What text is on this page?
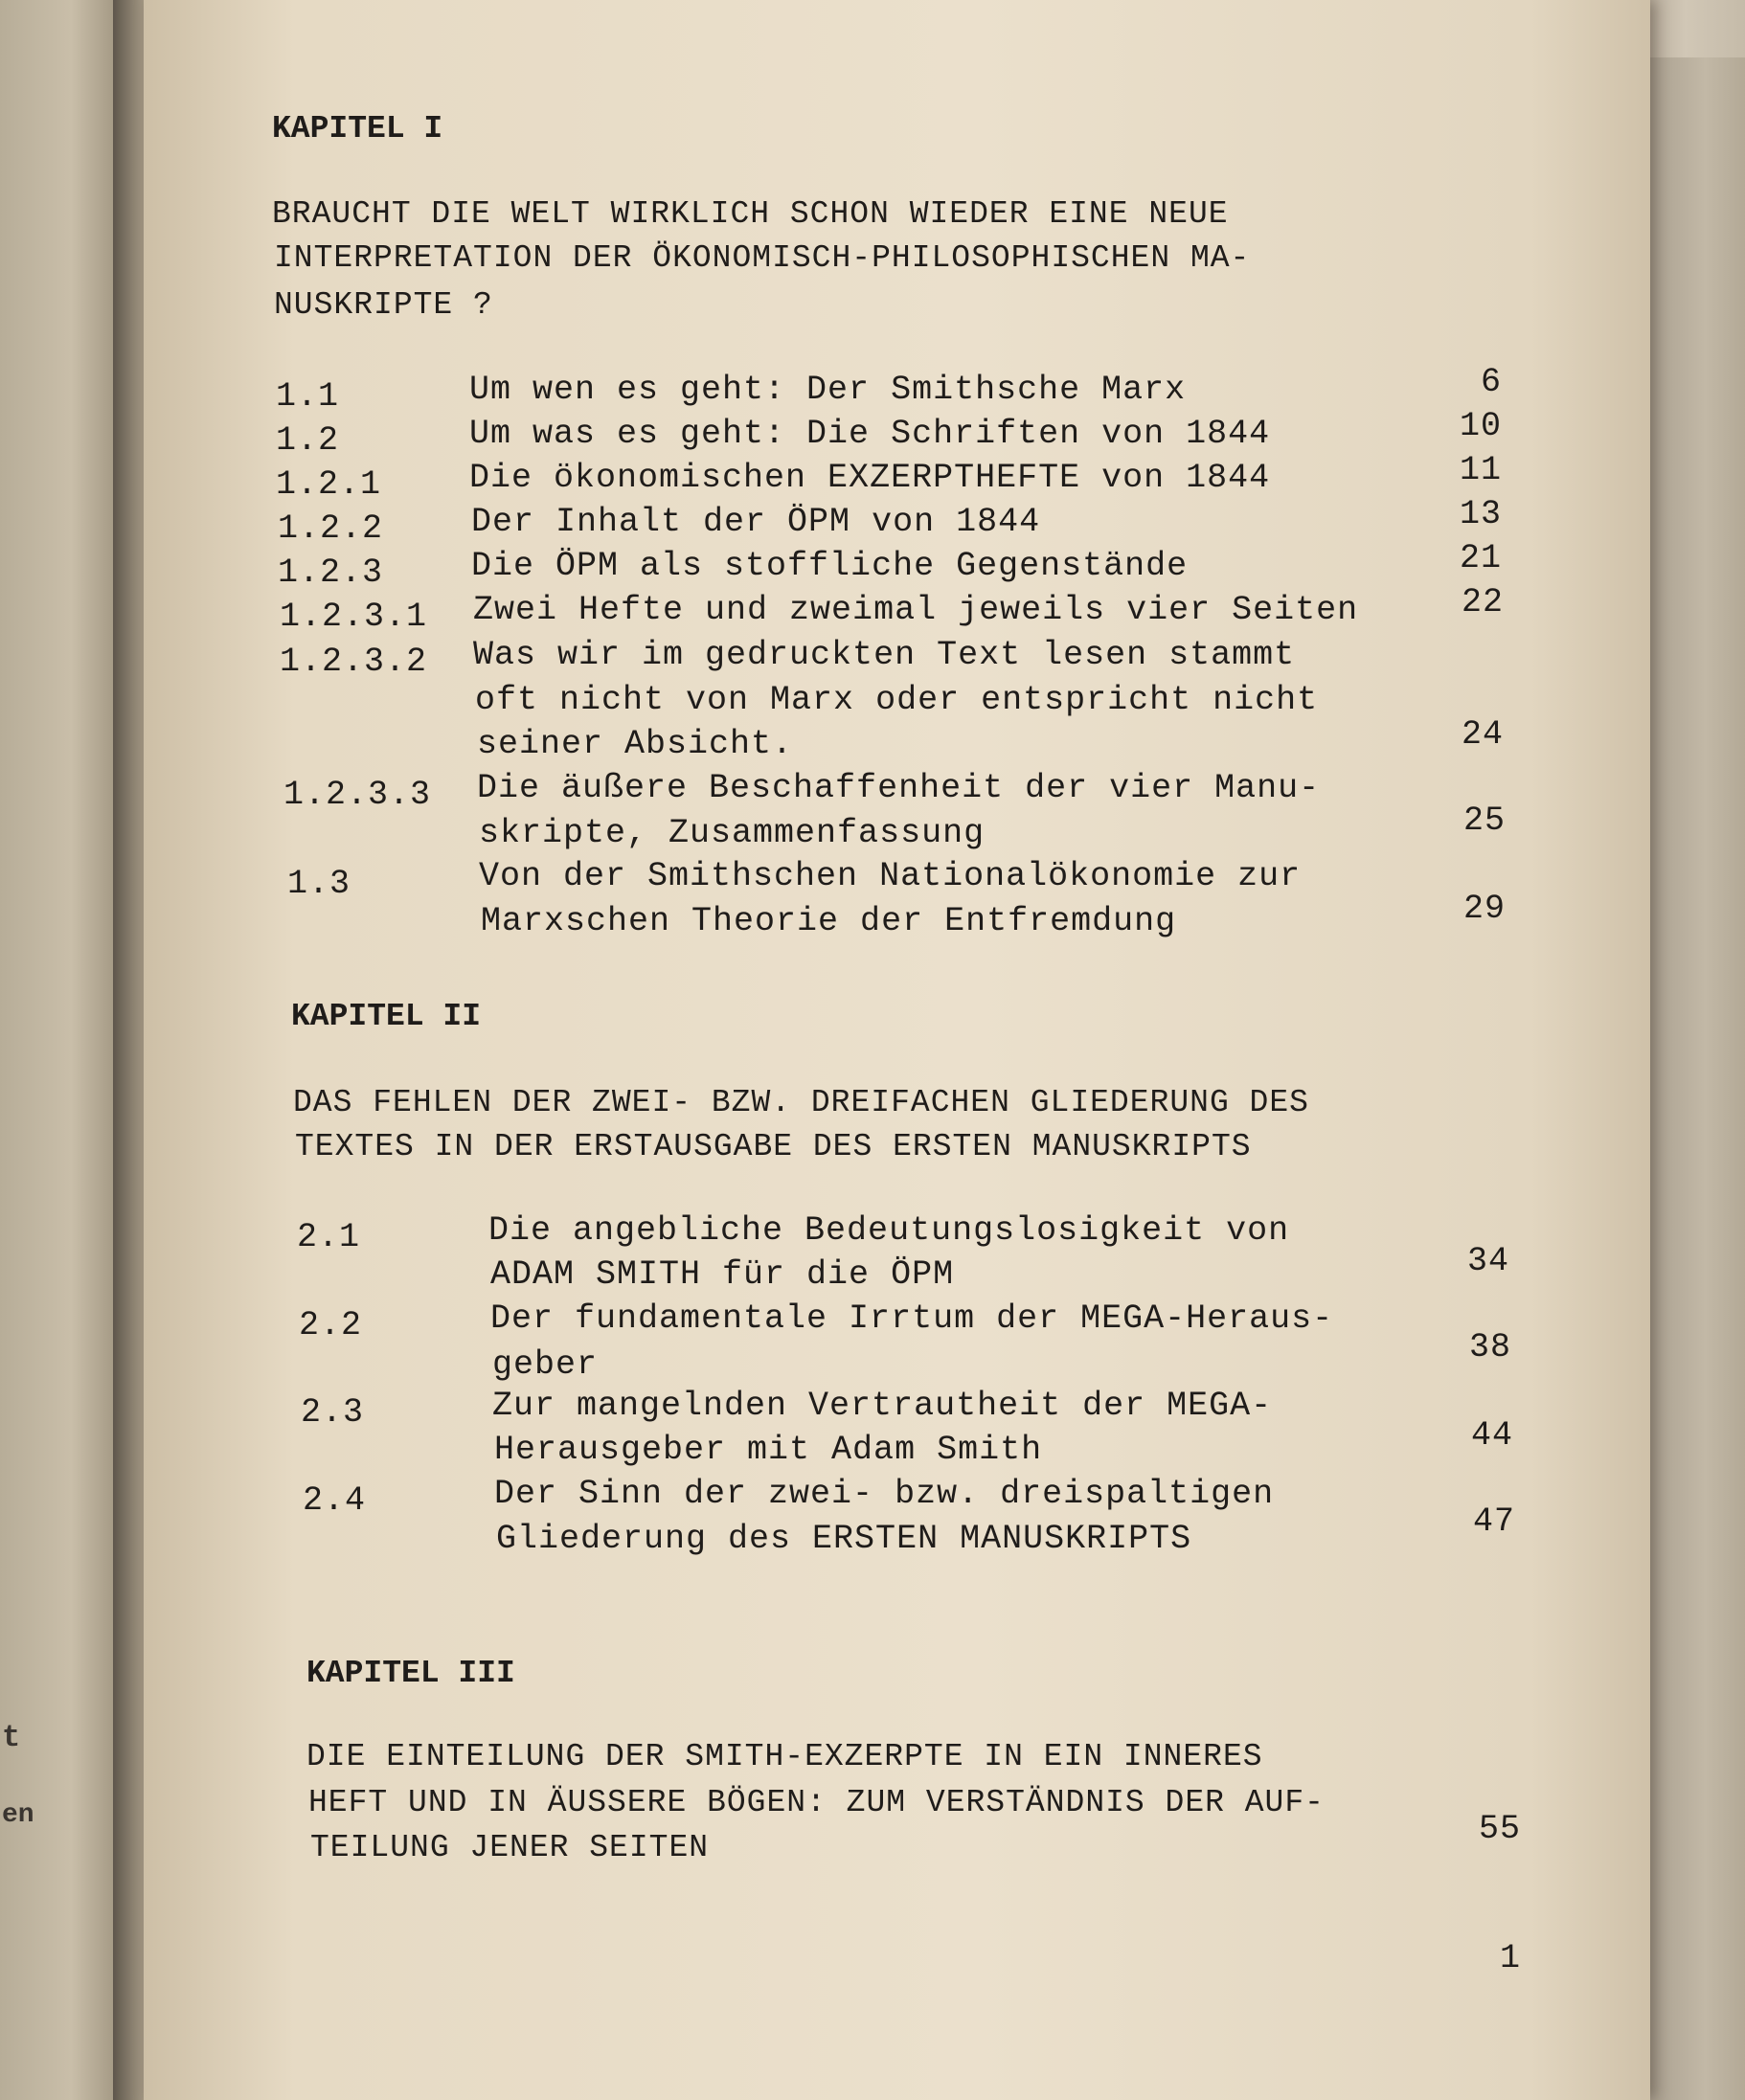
t
en
KAPITEL I
BRAUCHT DIE WELT WIRKLICH SCHON WIEDER EINE NEUE
INTERPRETATION DER ÖKONOMISCH-PHILOSOPHISCHEN MA-
NUSKRIPTE ?
1.1	Um wen es geht: Der Smithsche Marx	6
1.2	Um was es geht: Die Schriften von 1844	10
1.2.1	Die ökonomischen EXZERPTHEFTE von 1844	11
1.2.2	Der Inhalt der ÖPM von 1844	13
1.2.3	Die ÖPM als stoffliche Gegenstände	21
1.2.3.1 Zwei Hefte und zweimal jeweils vier Seiten	22
1.2.3.2 Was wir im gedruckten Text lesen stammt
oft nicht von Marx oder entspricht nicht
seiner Absicht.	24
1.2.3.3 Die äußere Beschaffenheit der vier Manu-
skripte, Zusammenfassung	25
1.3	Von der Smithschen Nationalökonomie zur
Marxschen Theorie der Entfremdung	29
KAPITEL II
DAS FEHLEN DER ZWEI- BZW. DREIFACHEN GLIEDERUNG DES
TEXTES IN DER ERSTAUSGABE DES ERSTEN MANUSKRIPTS
2.1	Die angebliche Bedeutungslosigkeit von
ADAM SMITH für die ÖPM	34
2.2	Der fundamentale Irrtum der MEGA-Heraus-
geber	38
2.3	Zur mangelnden Vertrautheit der MEGA-
Herausgeber mit Adam Smith	44
2.4	Der Sinn der zwei- bzw. dreispaltigen
Gliederung des ERSTEN MANUSKRIPTS	47
KAPITEL III
DIE EINTEILUNG DER SMITH-EXZERPTE IN EIN INNERES
HEFT UND IN ÄUSSERE BÖGEN: ZUM VERSTÄNDNIS DER AUF-
TEILUNG JENER SEITEN	55
1
